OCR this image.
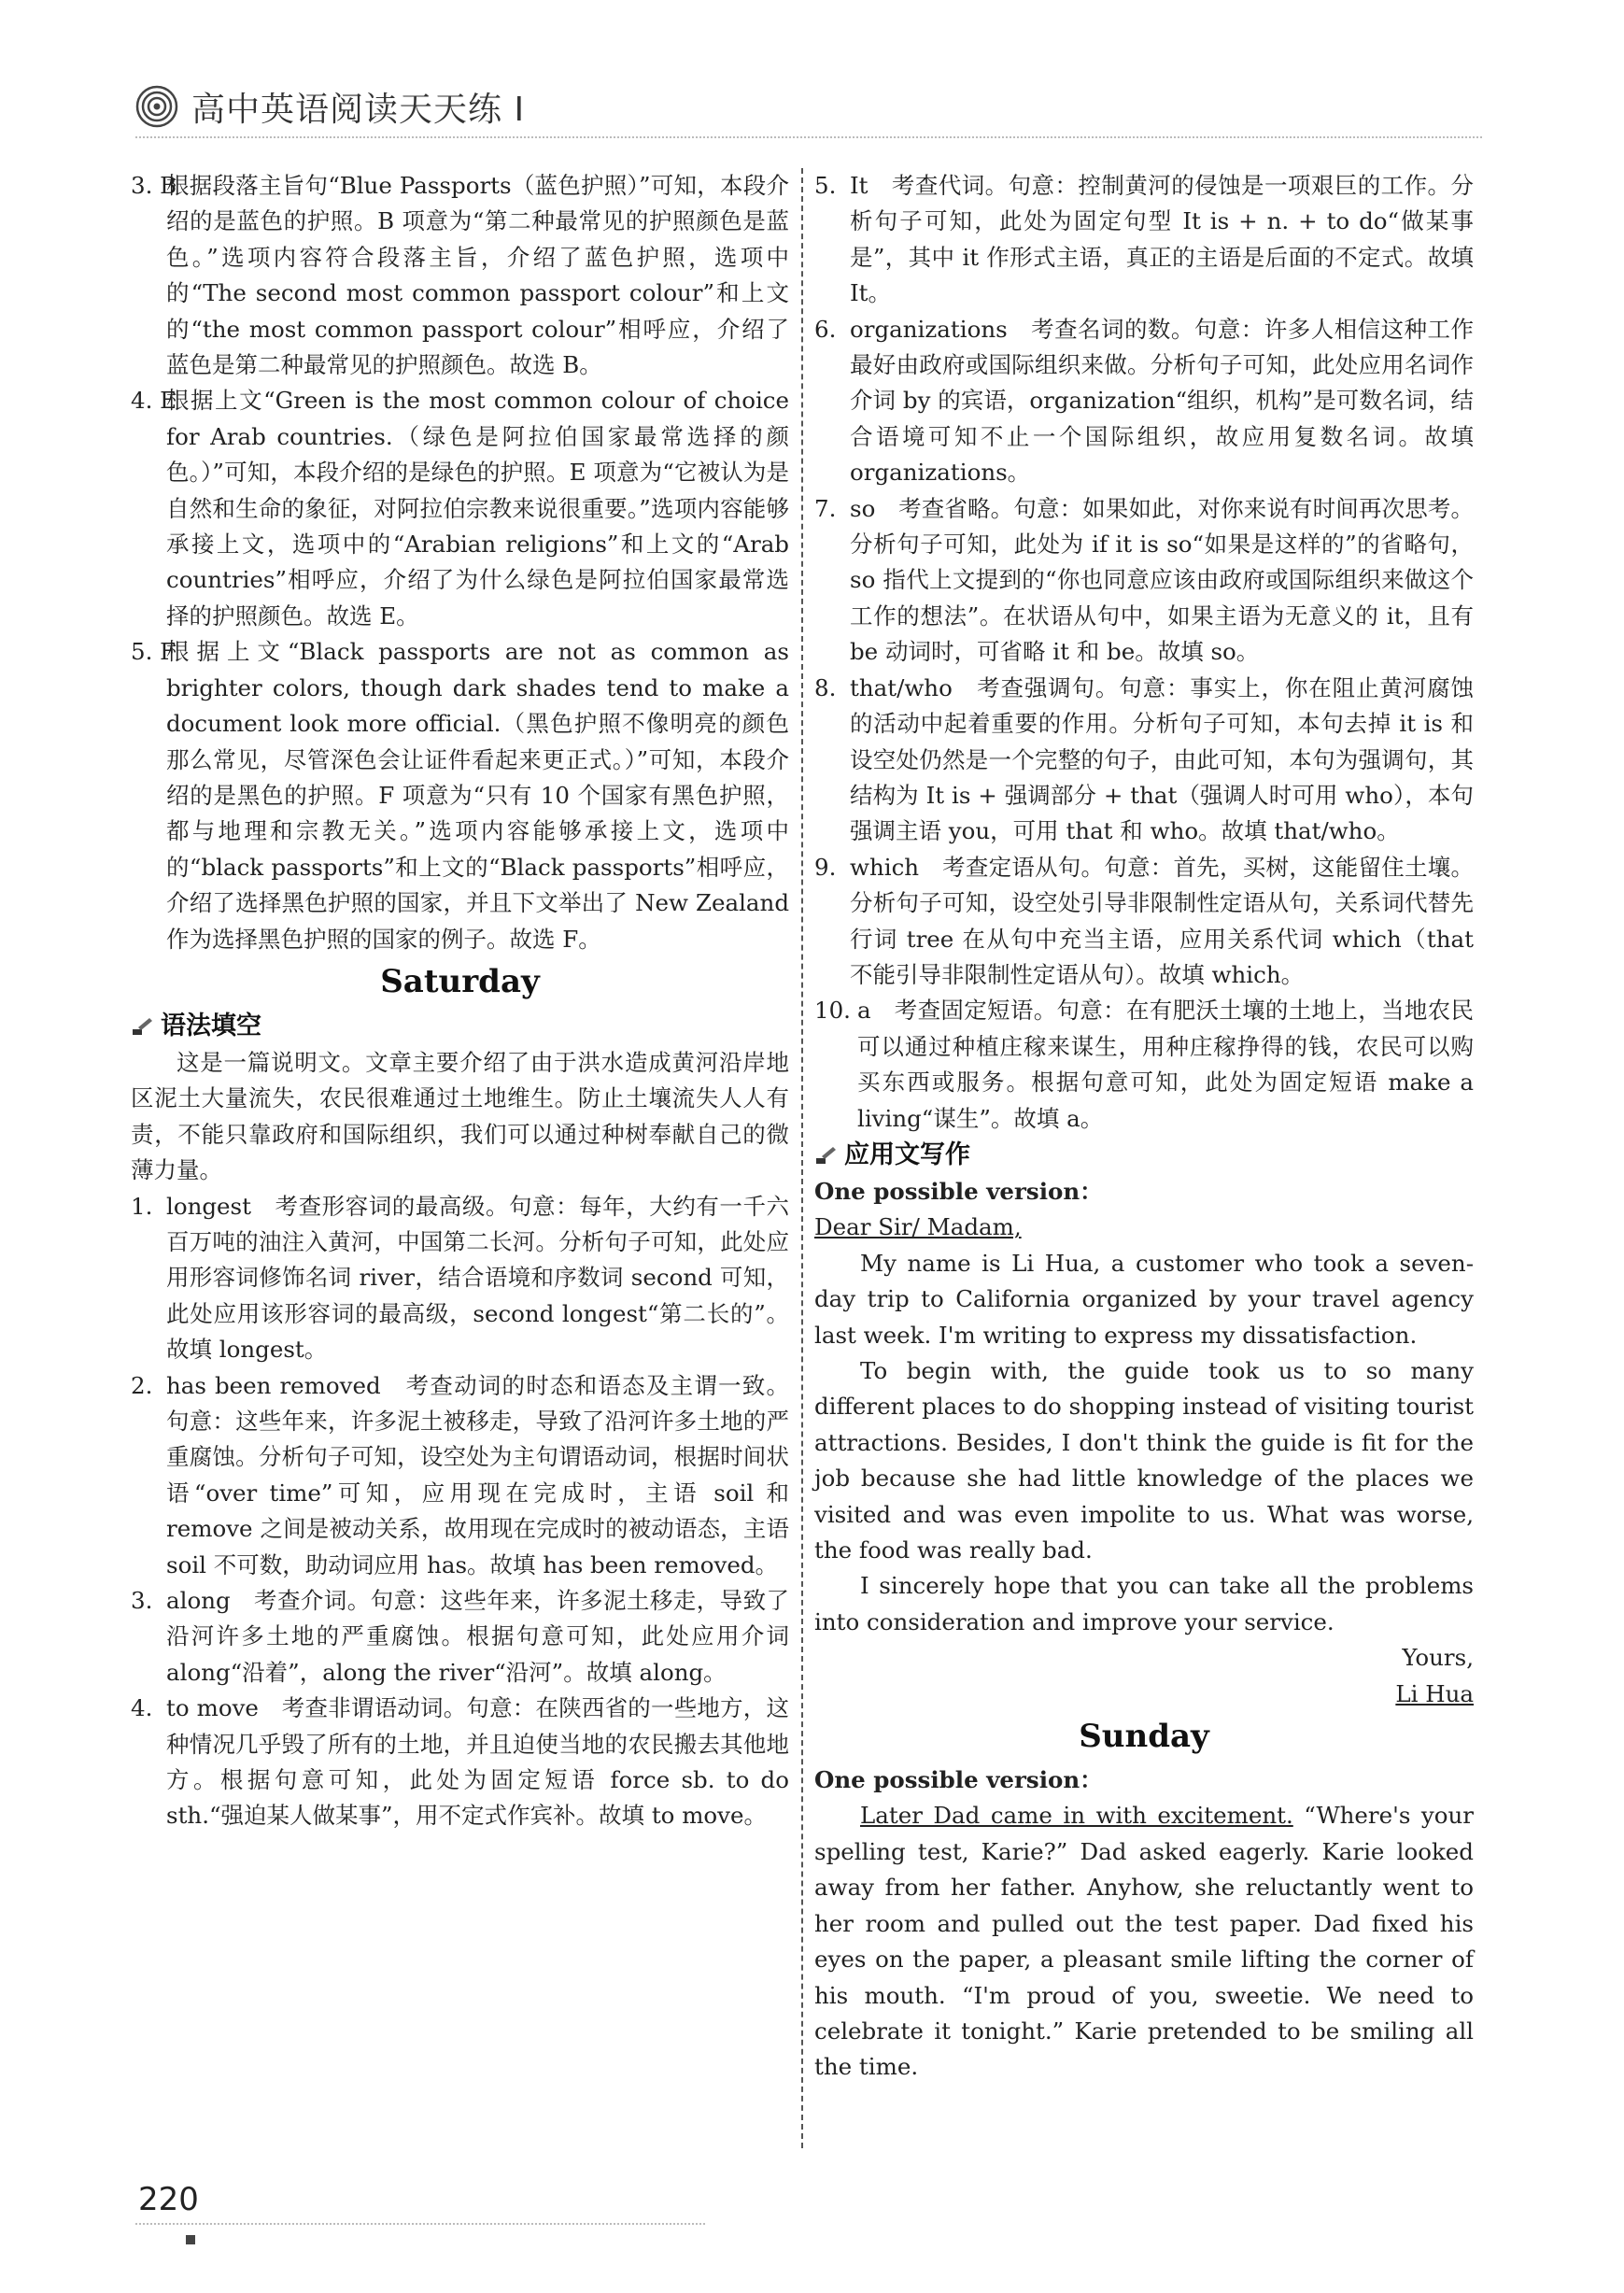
高中英语阅读天天练 I
3. B
根据段落主旨句“Blue Passports（蓝色护照）”可知，本段介绍的是蓝色的护照。B 项意为“第二种最常见的护照颜色是蓝色。”选项内容符合段落主旨，介绍了蓝色护照，选项中的“The second most common passport colour”和上文的“the most common passport colour”相呼应，介绍了蓝色是第二种最常见的护照颜色。故选 B。
4. E
根据上文“Green is the most common colour of choice for Arab countries.（绿色是阿拉伯国家最常选择的颜色。）”可知，本段介绍的是绿色的护照。E 项意为“它被认为是自然和生命的象征，对阿拉伯宗教来说很重要。”选项内容能够承接上文，选项中的“Arabian religions”和上文的“Arab countries”相呼应，介绍了为什么绿色是阿拉伯国家最常选择的护照颜色。故选 E。
5. F
根据上文“Black passports are not as common as brighter colors, though dark shades tend to make a document look more official.（黑色护照不像明亮的颜色那么常见，尽管深色会让证件看起来更正式。）”可知，本段介绍的是黑色的护照。F 项意为“只有 10 个国家有黑色护照，都与地理和宗教无关。”选项内容能够承接上文，选项中的“black passports”和上文的“Black passports”相呼应，介绍了选择黑色护照的国家，并且下文举出了 New Zealand 作为选择黑色护照的国家的例子。故选 F。
Saturday
语法填空
这是一篇说明文。文章主要介绍了由于洪水造成黄河沿岸地区泥土大量流失，农民很难通过土地维生。防止土壤流失人人有责，不能只靠政府和国际组织，我们可以通过种树奉献自己的微薄力量。
1. longest　考查形容词的最高级。句意：每年，大约有一千六百万吨的油注入黄河，中国第二长河。分析句子可知，此处应用形容词修饰名词 river，结合语境和序数词 second 可知，此处应用该形容词的最高级，second longest“第二长的”。故填 longest。
2. has been removed　考查动词的时态和语态及主谓一致。句意：这些年来，许多泥土被移走，导致了沿河许多土地的严重腐蚀。分析句子可知，设空处为主句谓语动词，根据时间状语“over time”可知，应用现在完成时，主语 soil 和 remove 之间是被动关系，故用现在完成时的被动语态，主语 soil 不可数，助动词应用 has。故填 has been removed。
3. along　考查介词。句意：这些年来，许多泥土移走，导致了沿河许多土地的严重腐蚀。根据句意可知，此处应用介词 along“沿着”，along the river“沿河”。故填 along。
4. to move　考查非谓语动词。句意：在陕西省的一些地方，这种情况几乎毁了所有的土地，并且迫使当地的农民搬去其他地方。根据句意可知，此处为固定短语 force sb. to do sth.“强迫某人做某事”，用不定式作宾补。故填 to move。
5. It　考查代词。句意：控制黄河的侵蚀是一项艰巨的工作。分析句子可知，此处为固定句型 It is + n. + to do“做某事是”，其中 it 作形式主语，真正的主语是后面的不定式。故填 It。
6. organizations　考查名词的数。句意：许多人相信这种工作最好由政府或国际组织来做。分析句子可知，此处应用名词作介词 by 的宾语，organization“组织，机构”是可数名词，结合语境可知不止一个国际组织，故应用复数名词。故填 organizations。
7. so　考查省略。句意：如果如此，对你来说有时间再次思考。分析句子可知，此处为 if it is so“如果是这样的”的省略句，so 指代上文提到的“你也同意应该由政府或国际组织来做这个工作的想法”。在状语从句中，如果主语为无意义的 it，且有 be 动词时，可省略 it 和 be。故填 so。
8. that/who　考查强调句。句意：事实上，你在阻止黄河腐蚀的活动中起着重要的作用。分析句子可知，本句去掉 it is 和设空处仍然是一个完整的句子，由此可知，本句为强调句，其结构为 It is + 强调部分 + that（强调人时可用 who），本句强调主语 you，可用 that 和 who。故填 that/who。
9. which　考查定语从句。句意：首先，买树，这能留住土壤。分析句子可知，设空处引导非限制性定语从句，关系词代替先行词 tree 在从句中充当主语，应用关系代词 which（that 不能引导非限制性定语从句）。故填 which。
10. a　考查固定短语。句意：在有肥沃土壤的土地上，当地农民可以通过种植庄稼来谋生，用种庄稼挣得的钱，农民可以购买东西或服务。根据句意可知，此处为固定短语 make a living“谋生”。故填 a。
应用文写作
One possible version：
Dear Sir/ Madam,
My name is Li Hua, a customer who took a seven-day trip to California organized by your travel agency last week. I'm writing to express my dissatisfaction.
To begin with, the guide took us to so many different places to do shopping instead of visiting tourist attractions. Besides, I don't think the guide is fit for the job because she had little knowledge of the places we visited and was even impolite to us. What was worse, the food was really bad.
I sincerely hope that you can take all the problems into consideration and improve your service.
Yours,
Li Hua
Sunday
One possible version：
Later Dad came in with excitement. “Where's your spelling test, Karie?” Dad asked eagerly. Karie looked away from her father. Anyhow, she reluctantly went to her room and pulled out the test paper. Dad fixed his eyes on the paper, a pleasant smile lifting the corner of his mouth. “I'm proud of you, sweetie. We need to celebrate it tonight.” Karie pretended to be smiling all the time.
220
